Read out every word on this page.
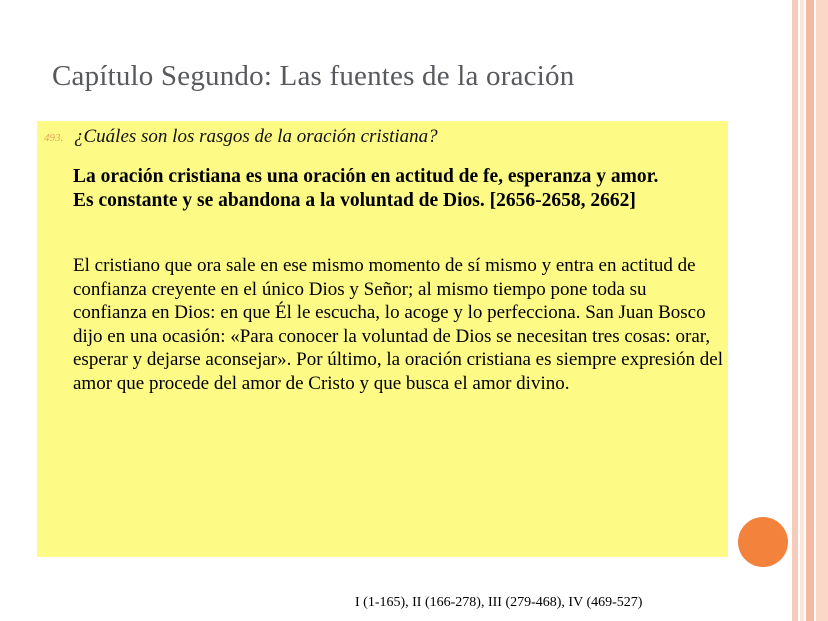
Capítulo Segundo: Las fuentes de la oración
493. ¿Cuáles son los rasgos de la oración cristiana?

La oración cristiana es una oración en actitud de fe, esperanza y amor. Es constante y se abandona a la voluntad de Dios. [2656-2658, 2662]

El cristiano que ora sale en ese mismo momento de sí mismo y entra en actitud de confianza creyente en el único Dios y Señor; al mismo tiempo pone toda su confianza en Dios: en que Él le escucha, lo acoge y lo perfecciona. San Juan Bosco dijo en una ocasión: «Para conocer la voluntad de Dios se necesitan tres cosas: orar, esperar y dejarse aconsejar». Por último, la oración cristiana es siempre expresión del amor que procede del amor de Cristo y que busca el amor divino.

I (1-165), II (166-278), III (279-468), IV (469-527)
